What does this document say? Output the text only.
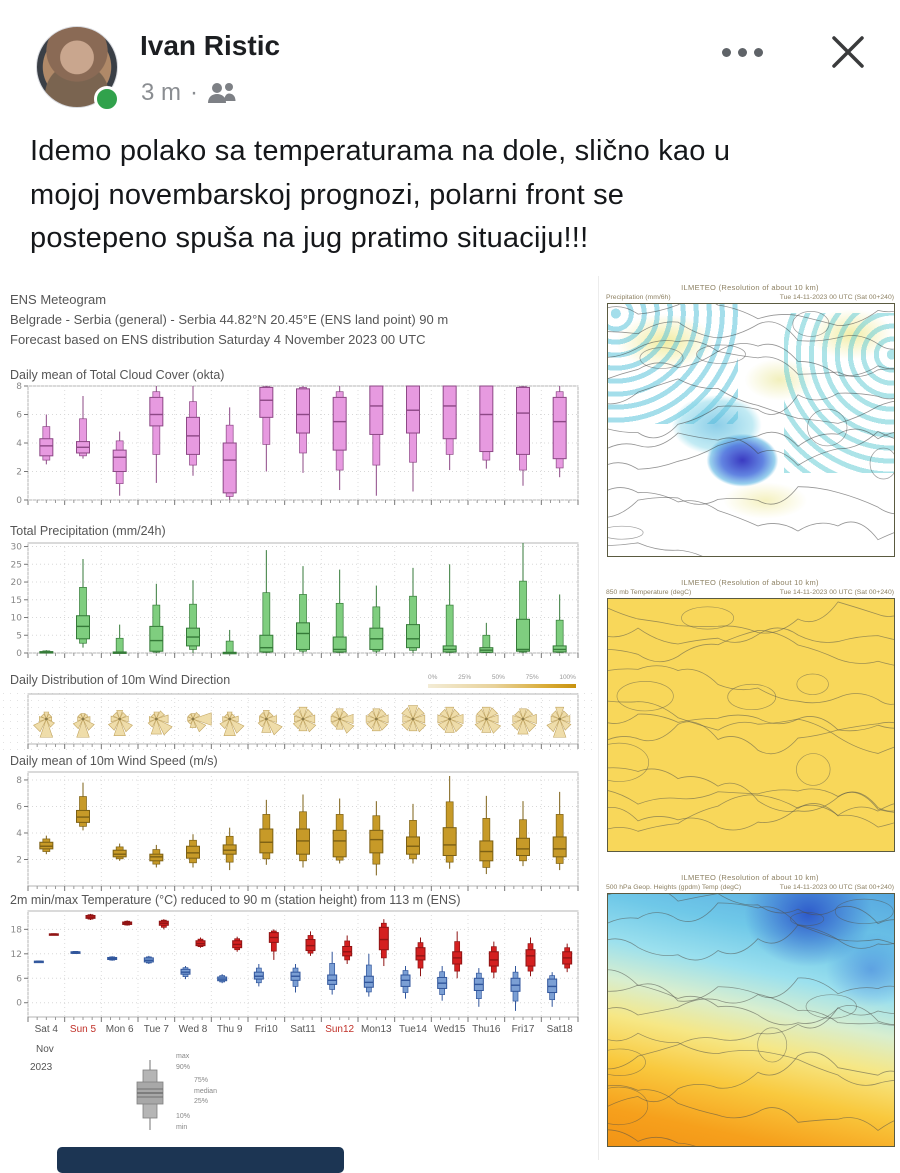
Ivan Ristic
3 m ·
Idemo polako sa temperaturama na dole, slično kao u
mojoj novembarskoj prognozi, polarni front se
postepeno spuša na jug pratimo situaciju!!!
ENS Meteogram
Belgrade - Serbia (general) - Serbia 44.82°N 20.45°E (ENS land point) 90 m
Forecast based on ENS distribution Saturday 4 November 2023 00 UTC
Daily mean of Total Cloud Cover (okta)
0
2
4
6
8
Total Precipitation (mm/24h)
0
5
10
15
20
25
30
Daily Distribution of 10m Wind Direction	0%	25%	50%	75%	100%
Daily mean of 10m Wind Speed (m/s)
2
4
6
8
2m min/max Temperature (°C) reduced to 90 m (station height) from 113 m (ENS)
0
6
12
18
Sat 4	Sun 5 Mon 6	Tue 7 Wed 8 Thu 9	Fri10	Sat11 Sun12 Mon13 Tue14 Wed15 Thu16	Fri17	Sat18
Nov
2023
max
90%
75%
median
25%
10%
min
ILMETEO (Resolution of about 10 km)
Precipitation (mm/6h)	Tue 14-11-2023 00 UTC (Sat 00+240)
ILMETEO (Resolution of about 10 km)
850 mb Temperature (degC)	Tue 14-11-2023 00 UTC (Sat 00+240)
ILMETEO (Resolution of about 10 km)
500 hPa Geop. Heights (gpdm) Temp (degC)	Tue 14-11-2023 00 UTC (Sat 00+240)
